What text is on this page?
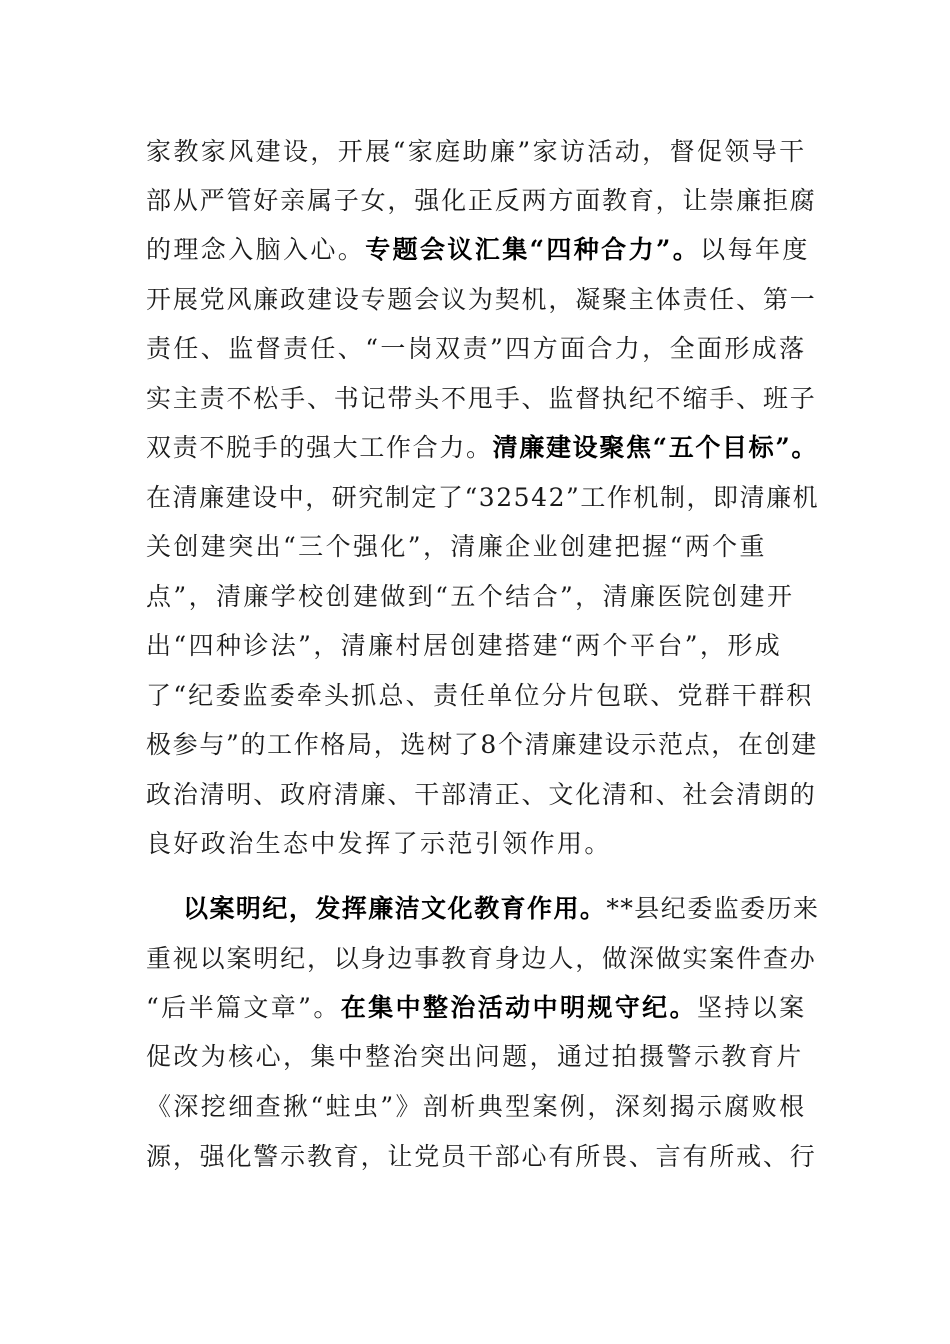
家教家风建设，开展“家庭助廉”家访活动，督促领导干
部从严管好亲属子女，强化正反两方面教育，让崇廉拒腐
的理念入脑入心。专题会议汇集“四种合力”。以每年度
开展党风廉政建设专题会议为契机，凝聚主体责任、第一
责任、监督责任、“一岗双责”四方面合力，全面形成落
实主责不松手、书记带头不甩手、监督执纪不缩手、班子
双责不脱手的强大工作合力。清廉建设聚焦“五个目标”。
在清廉建设中，研究制定了“32542”工作机制，即清廉机
关创建突出“三个强化”，清廉企业创建把握“两个重
点”，清廉学校创建做到“五个结合”，清廉医院创建开
出“四种诊法”，清廉村居创建搭建“两个平台”，形成
了“纪委监委牵头抓总、责任单位分片包联、党群干群积
极参与”的工作格局，选树了8个清廉建设示范点，在创建
政治清明、政府清廉、干部清正、文化清和、社会清朗的
良好政治生态中发挥了示范引领作用。
以案明纪，发挥廉洁文化教育作用。**县纪委监委历来
重视以案明纪，以身边事教育身边人，做深做实案件查办
“后半篇文章”。在集中整治活动中明规守纪。坚持以案
促改为核心，集中整治突出问题，通过拍摄警示教育片
《深挖细查揪“蛀虫”》剖析典型案例，深刻揭示腐败根
源，强化警示教育，让党员干部心有所畏、言有所戒、行
